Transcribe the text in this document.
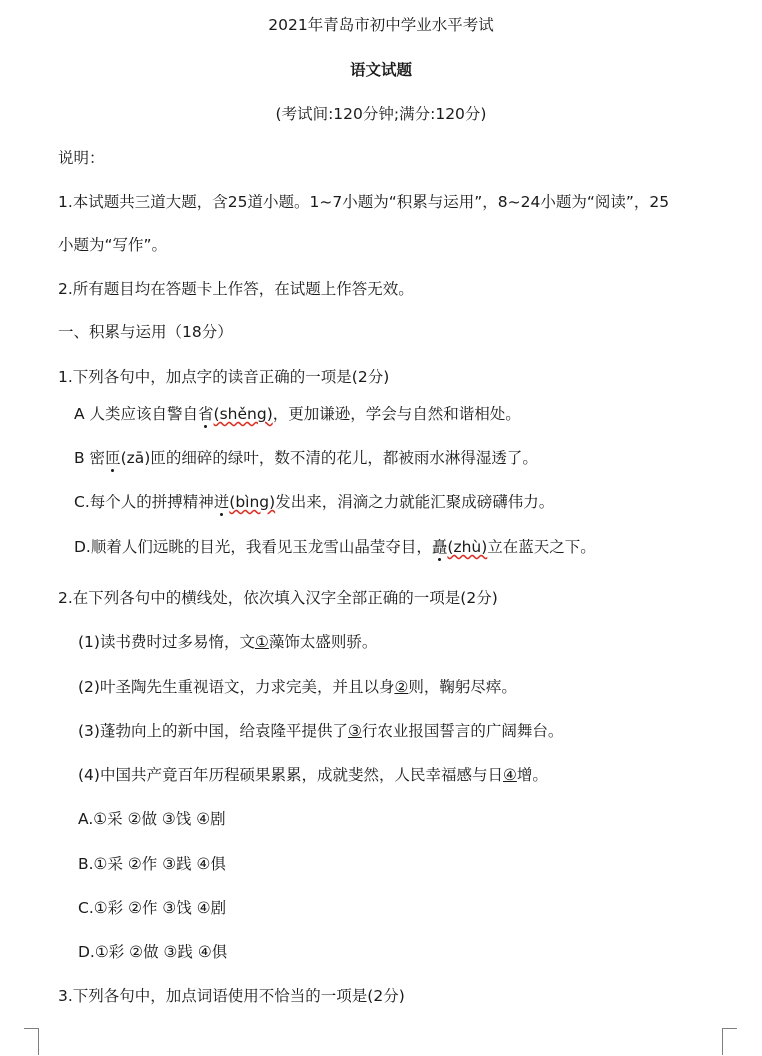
2021年青岛市初中学业水平考试
语文试题
(考试间:120分钟;满分:120分)
说明：
1.本试题共三道大题，含25道小题。1~7小题为“积累与运用”，8~24小题为“阅读”，25
小题为“写作”。
2.所有题目均在答题卡上作答，在试题上作答无效。
一、积累与运用（18分）
1.下列各句中，加点字的读音正确的一项是(2分)
A 人类应该自警自省(shěng)，更加谦逊，学会与自然和谐相处。
B 密匝(zā)匝的细碎的绿叶，数不清的花儿，都被雨水淋得湿透了。
C.每个人的拼搏精神迸(bìng)发出来，涓滴之力就能汇聚成磅礴伟力。
D.顺着人们远眺的目光，我看见玉龙雪山晶莹夺目，矗(zhù)立在蓝天之下。
2.在下列各句中的横线处，依次填入汉字全部正确的一项是(2分)
(1)读书费时过多易惰，文①藻饰太盛则骄。
(2)叶圣陶先生重视语文，力求完美，并且以身②则，鞠躬尽瘁。
(3)蓬勃向上的新中国，给袁隆平提供了③行农业报国誓言的广阔舞台。
(4)中国共产竟百年历程硕果累累，成就斐然，人民幸福感与日④增。
A.①采 ②做 ③饯 ④剧
B.①采 ②作 ③践 ④俱
C.①彩 ②作 ③饯 ④剧
D.①彩 ②做 ③践 ④俱
3.下列各句中，加点词语使用不恰当的一项是(2分)
